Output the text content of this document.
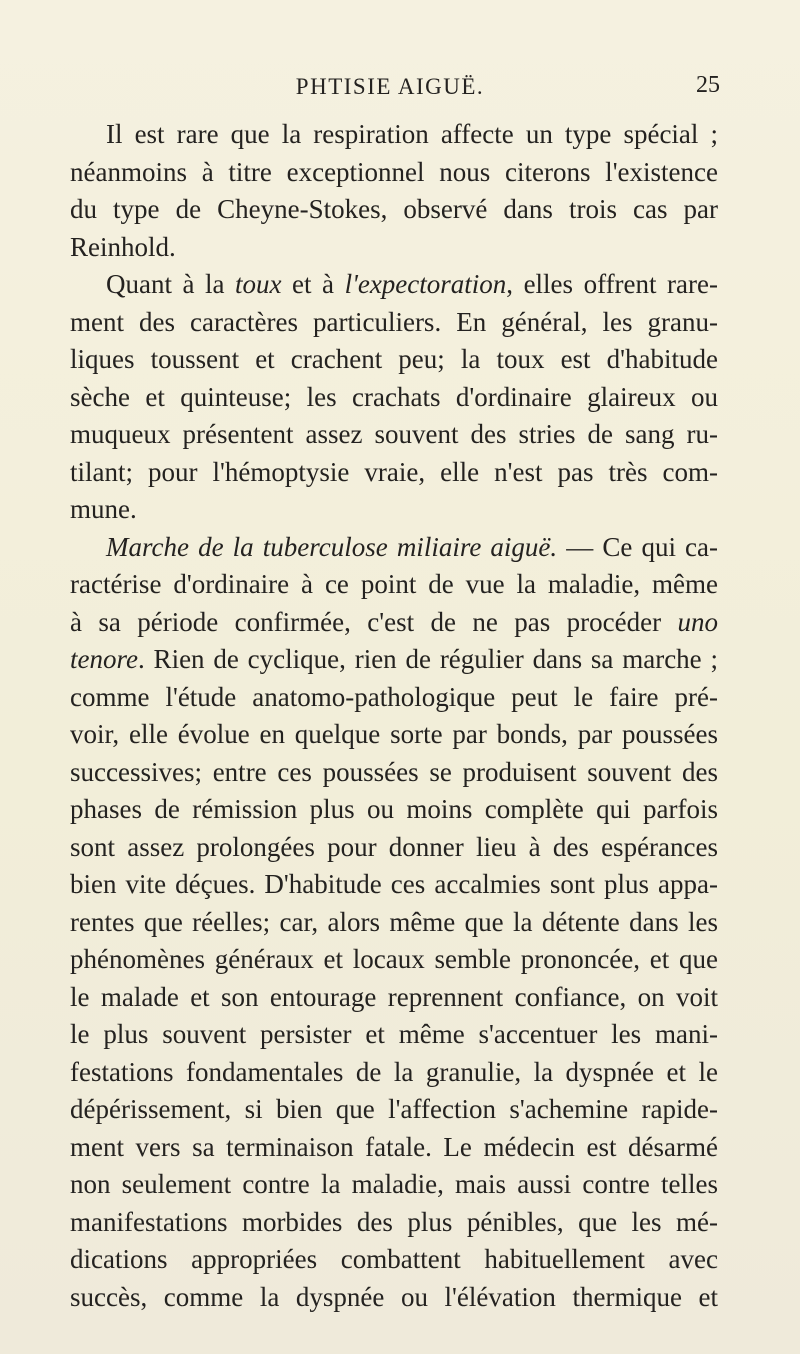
PHTISIE AIGUË.	25
Il est rare que la respiration affecte un type spécial ;
néanmoins à titre exceptionnel nous citerons l'existence
du type de Cheyne-Stokes, observé dans trois cas par
Reinhold.
Quant à la toux et à l'expectoration, elles offrent rare-
ment des caractères particuliers. En général, les granu-
liques toussent et crachent peu; la toux est d'habitude
sèche et quinteuse; les crachats d'ordinaire glaireux ou
muqueux présentent assez souvent des stries de sang ru-
tilant; pour l'hémoptysie vraie, elle n'est pas très com-
mune.
Marche de la tuberculose miliaire aiguë. — Ce qui ca-
ractérise d'ordinaire à ce point de vue la maladie, même
à sa période confirmée, c'est de ne pas procéder uno
tenore. Rien de cyclique, rien de régulier dans sa marche ;
comme l'étude anatomo-pathologique peut le faire pré-
voir, elle évolue en quelque sorte par bonds, par poussées
successives; entre ces poussées se produisent souvent des
phases de rémission plus ou moins complète qui parfois
sont assez prolongées pour donner lieu à des espérances
bien vite déçues. D'habitude ces accalmies sont plus appa-
rentes que réelles; car, alors même que la détente dans les
phénomènes généraux et locaux semble prononcée, et que
le malade et son entourage reprennent confiance, on voit
le plus souvent persister et même s'accentuer les mani-
festations fondamentales de la granulie, la dyspnée et le
dépérissement, si bien que l'affection s'achemine rapide-
ment vers sa terminaison fatale. Le médecin est désarmé
non seulement contre la maladie, mais aussi contre telles
manifestations morbides des plus pénibles, que les mé-
dications appropriées combattent habituellement avec
succès, comme la dyspnée ou l'élévation thermique et
